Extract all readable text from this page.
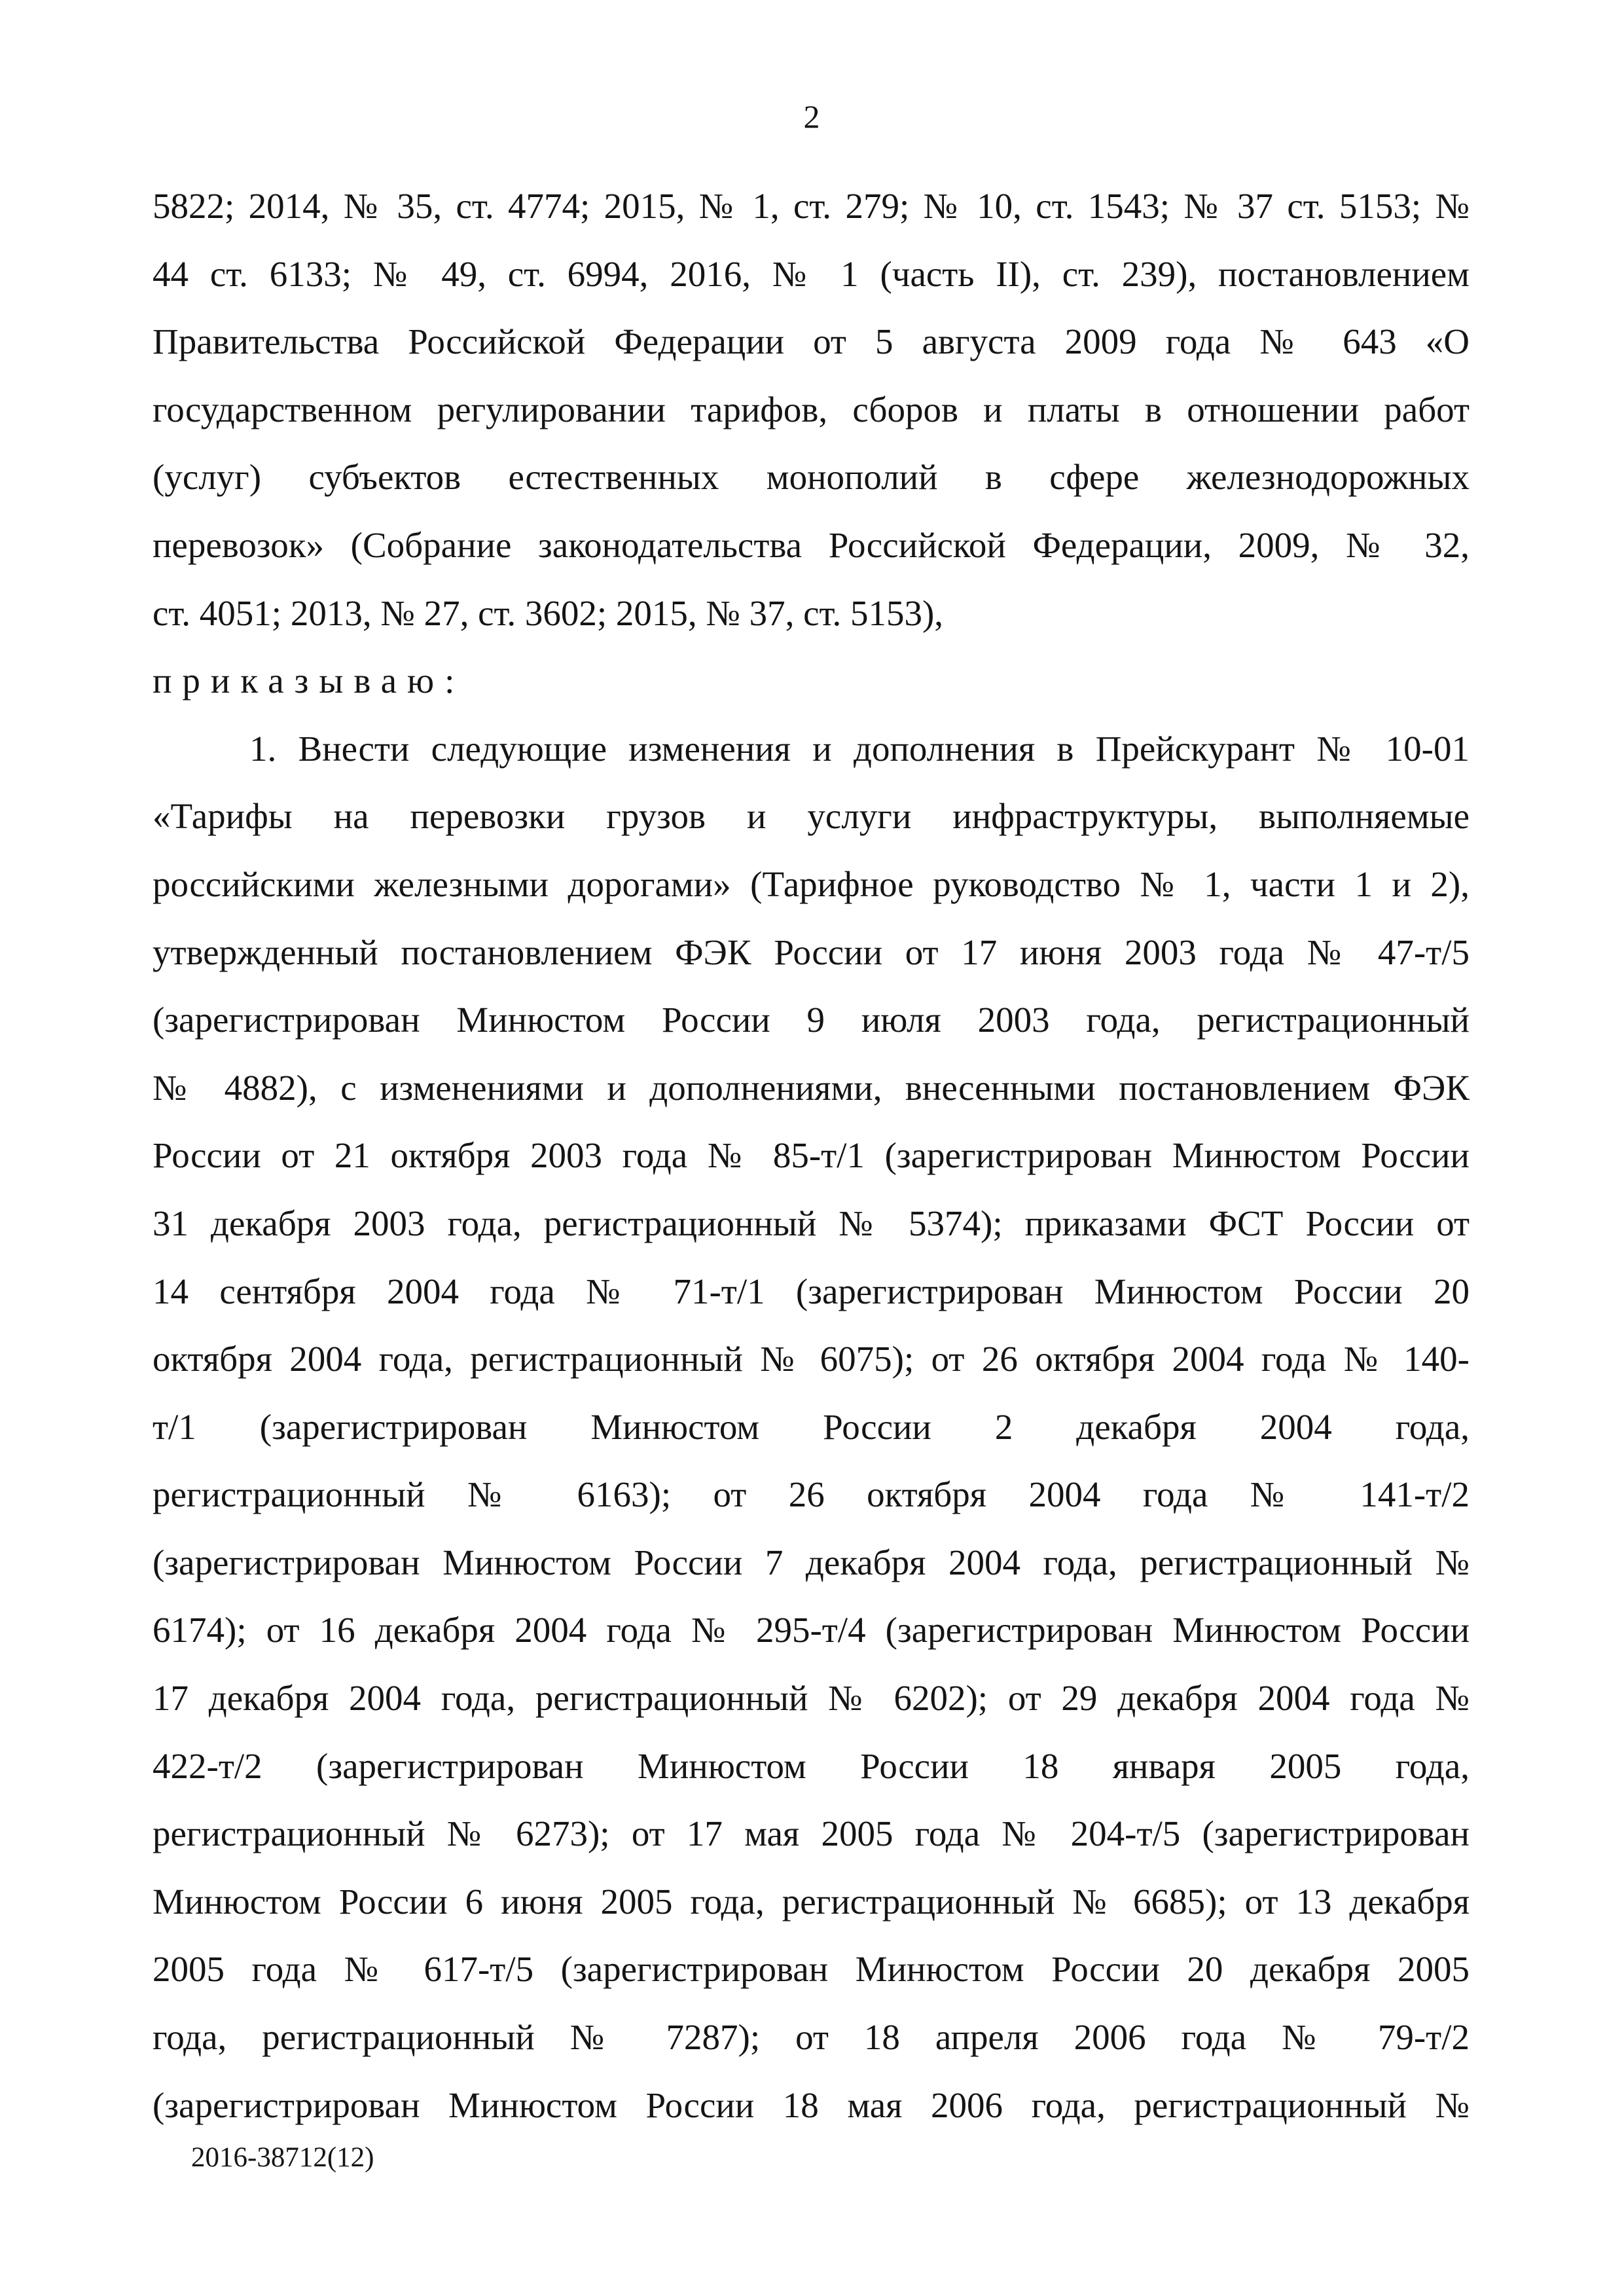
2
5822; 2014, № 35, ст. 4774; 2015, № 1, ст. 279; № 10, ст. 1543; № 37 ст. 5153; №
44 ст. 6133; № 49, ст. 6994, 2016, № 1 (часть II), ст. 239), постановлением
Правительства Российской Федерации от 5 августа 2009 года № 643 «О
государственном регулировании тарифов, сборов и платы в отношении работ
(услуг) субъектов естественных монополий в сфере железнодорожных
перевозок» (Собрание законодательства Российской Федерации, 2009, № 32,
ст. 4051; 2013, № 27, ст. 3602; 2015, № 37, ст. 5153),
приказываю:
1. Внести следующие изменения и дополнения в Прейскурант № 10-01
«Тарифы на перевозки грузов и услуги инфраструктуры, выполняемые
российскими железными дорогами» (Тарифное руководство № 1, части 1 и 2),
утвержденный постановлением ФЭК России от 17 июня 2003 года № 47-т/5
(зарегистрирован Минюстом России 9 июля 2003 года, регистрационный
№ 4882), с изменениями и дополнениями, внесенными постановлением ФЭК
России от 21 октября 2003 года № 85-т/1 (зарегистрирован Минюстом России
31 декабря 2003 года, регистрационный № 5374); приказами ФСТ России от
14 сентября 2004 года № 71-т/1 (зарегистрирован Минюстом России 20
октября 2004 года, регистрационный № 6075); от 26 октября 2004 года № 140-
т/1 (зарегистрирован Минюстом России 2 декабря 2004 года,
регистрационный № 6163); от 26 октября 2004 года № 141-т/2
(зарегистрирован Минюстом России 7 декабря 2004 года, регистрационный №
6174); от 16 декабря 2004 года № 295-т/4 (зарегистрирован Минюстом России
17 декабря 2004 года, регистрационный № 6202); от 29 декабря 2004 года №
422-т/2 (зарегистрирован Минюстом России 18 января 2005 года,
регистрационный № 6273); от 17 мая 2005 года № 204-т/5 (зарегистрирован
Минюстом России 6 июня 2005 года, регистрационный № 6685); от 13 декабря
2005 года № 617-т/5 (зарегистрирован Минюстом России 20 декабря 2005
года, регистрационный № 7287); от 18 апреля 2006 года № 79-т/2
(зарегистрирован Минюстом России 18 мая 2006 года, регистрационный №
2016-38712(12)
